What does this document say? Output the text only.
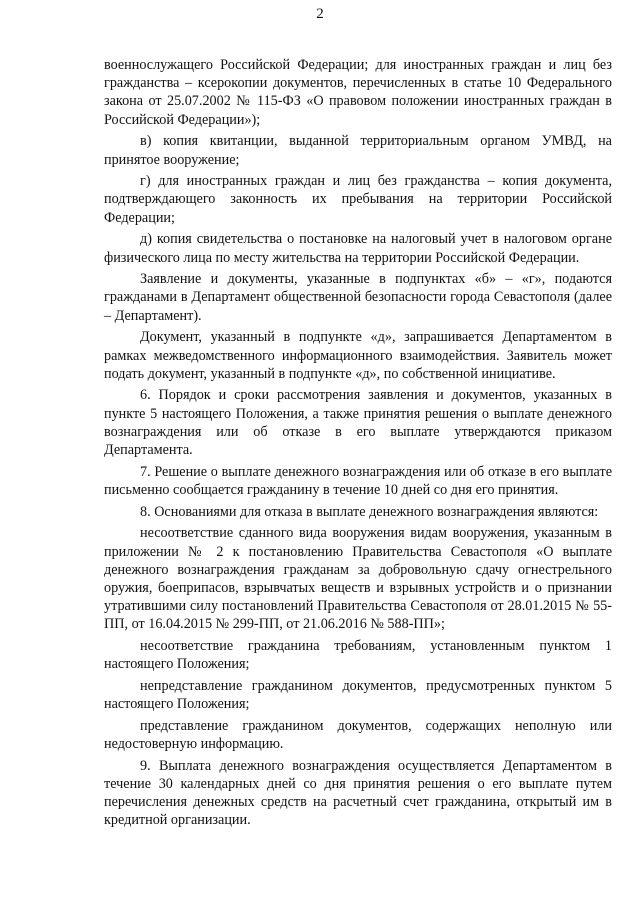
2

военнослужащего Российской Федерации; для иностранных граждан и лиц без гражданства – ксерокопии документов, перечисленных в статье 10 Федерального закона от 25.07.2002 № 115-ФЗ «О правовом положении иностранных граждан в Российской Федерации»);

в) копия квитанции, выданной территориальным органом УМВД, на принятое вооружение;

г) для иностранных граждан и лиц без гражданства – копия документа, подтверждающего законность их пребывания на территории Российской Федерации;

д) копия свидетельства о постановке на налоговый учет в налоговом органе физического лица по месту жительства на территории Российской Федерации.

Заявление и документы, указанные в подпунктах «б» – «г», подаются гражданами в Департамент общественной безопасности города Севастополя (далее – Департамент).

Документ, указанный в подпункте «д», запрашивается Департаментом в рамках межведомственного информационного взаимодействия. Заявитель может подать документ, указанный в подпункте «д», по собственной инициативе.

6. Порядок и сроки рассмотрения заявления и документов, указанных в пункте 5 настоящего Положения, а также принятия решения о выплате денежного вознаграждения или об отказе в его выплате утверждаются приказом Департамента.

7. Решение о выплате денежного вознаграждения или об отказе в его выплате письменно сообщается гражданину в течение 10 дней со дня его принятия.

8. Основаниями для отказа в выплате денежного вознаграждения являются:

несоответствие сданного вида вооружения видам вооружения, указанным в приложении № 2 к постановлению Правительства Севастополя «О выплате денежного вознаграждения гражданам за добровольную сдачу огнестрельного оружия, боеприпасов, взрывчатых веществ и взрывных устройств и о признании утратившими силу постановлений Правительства Севастополя от 28.01.2015 № 55-ПП, от 16.04.2015 № 299-ПП, от 21.06.2016 № 588-ПП»;

несоответствие гражданина требованиям, установленным пунктом 1 настоящего Положения;

непредставление гражданином документов, предусмотренных пунктом 5 настоящего Положения;

представление гражданином документов, содержащих неполную или недостоверную информацию.

9. Выплата денежного вознаграждения осуществляется Департаментом в течение 30 календарных дней со дня принятия решения о его выплате путем перечисления денежных средств на расчетный счет гражданина, открытый им в кредитной организации.
